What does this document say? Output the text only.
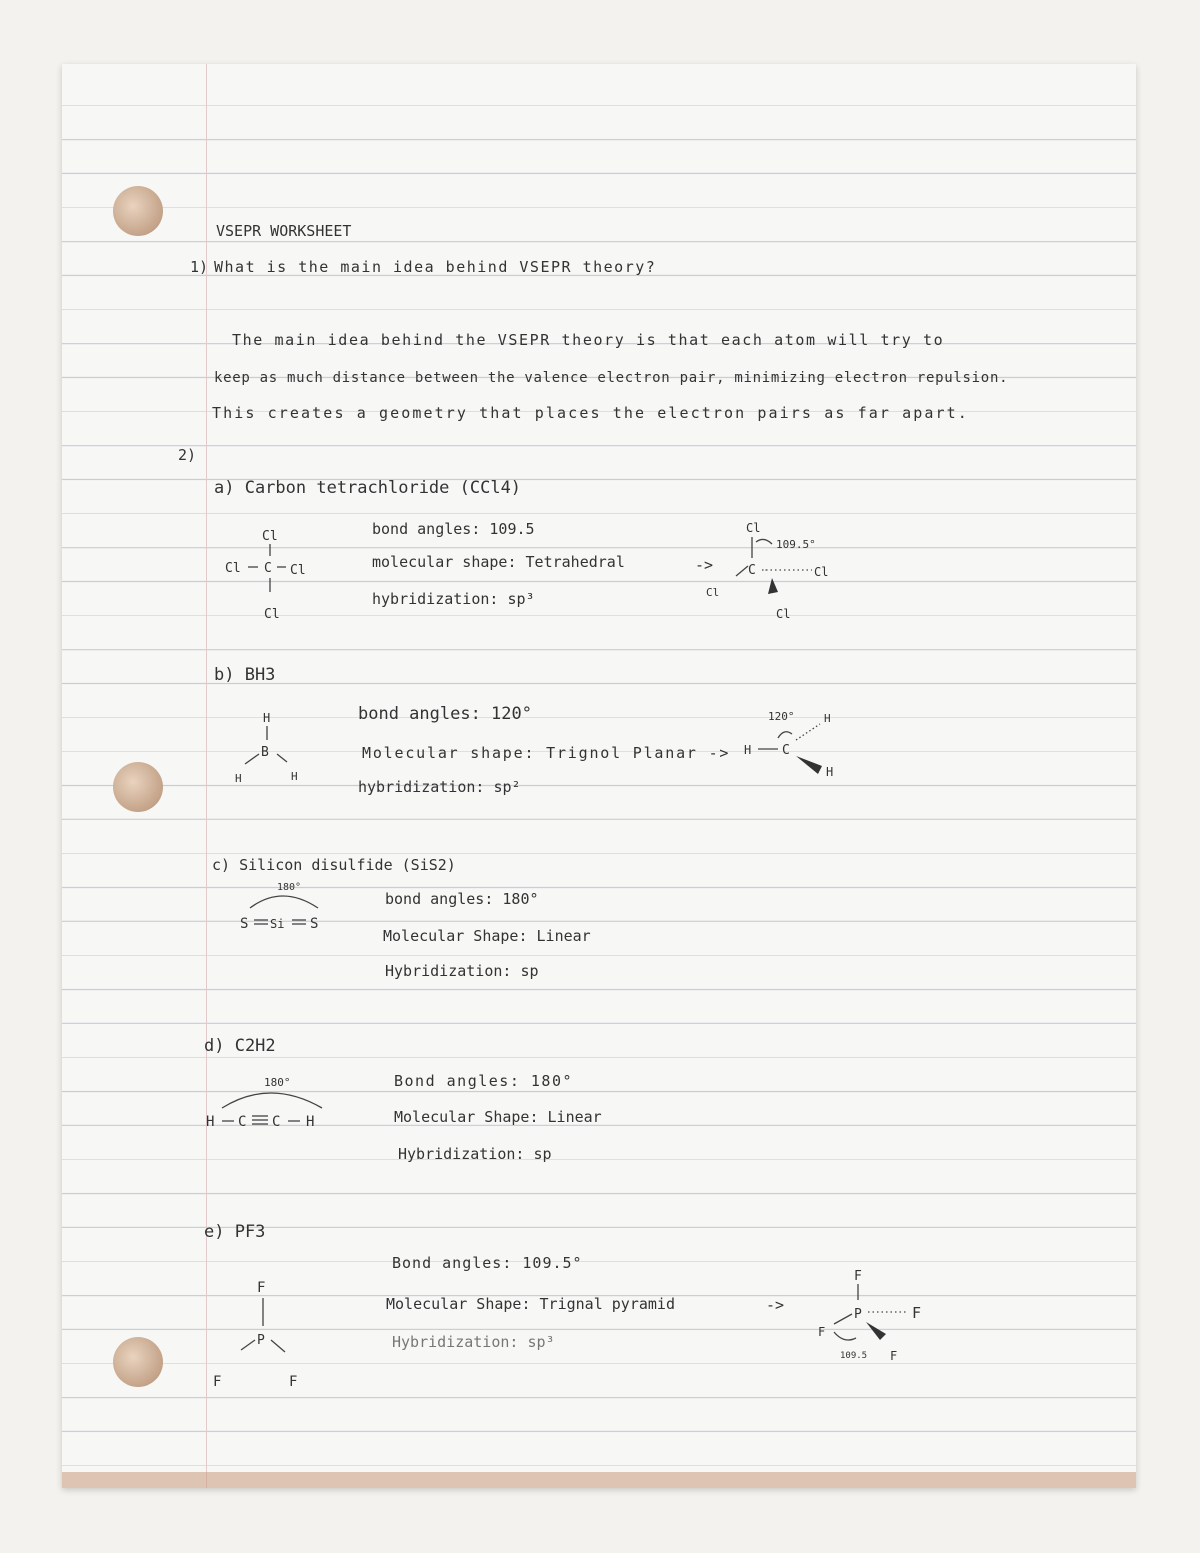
VSEPR WORKSHEET
1) What is the main idea behind VSEPR theory?
The main idea behind the VSEPR theory is that each atom will try to
keep as much distance between the valence electron pair, minimizing electron repulsion.
This creates a geometry that places the electron pairs as far apart.
2)
a) Carbon tetrachloride (CCl4)
bond angles: 109.5
molecular shape: Tetrahedral
hybridization: sp³
->
Cl
Cl C Cl
Cl
Cl
109.5°
C
Cl
Cl
Cl
b) BH3
bond angles: 120°
Molecular shape: Trignol Planar ->
hybridization: sp²
H
B
H	H
120°
H C
H
H
c) Silicon disulfide (SiS2)
bond angles: 180°
Molecular Shape: Linear
Hybridization: sp
180°
S Si S
d) C2H2
Bond angles: 180°
Molecular Shape: Linear
Hybridization: sp
180°
H C C H
e) PF3
Bond angles: 109.5°
Molecular Shape: Trignal pyramid	->
Hybridization: sp³
F
P
F	F
F
P	F
F
F
109.5
